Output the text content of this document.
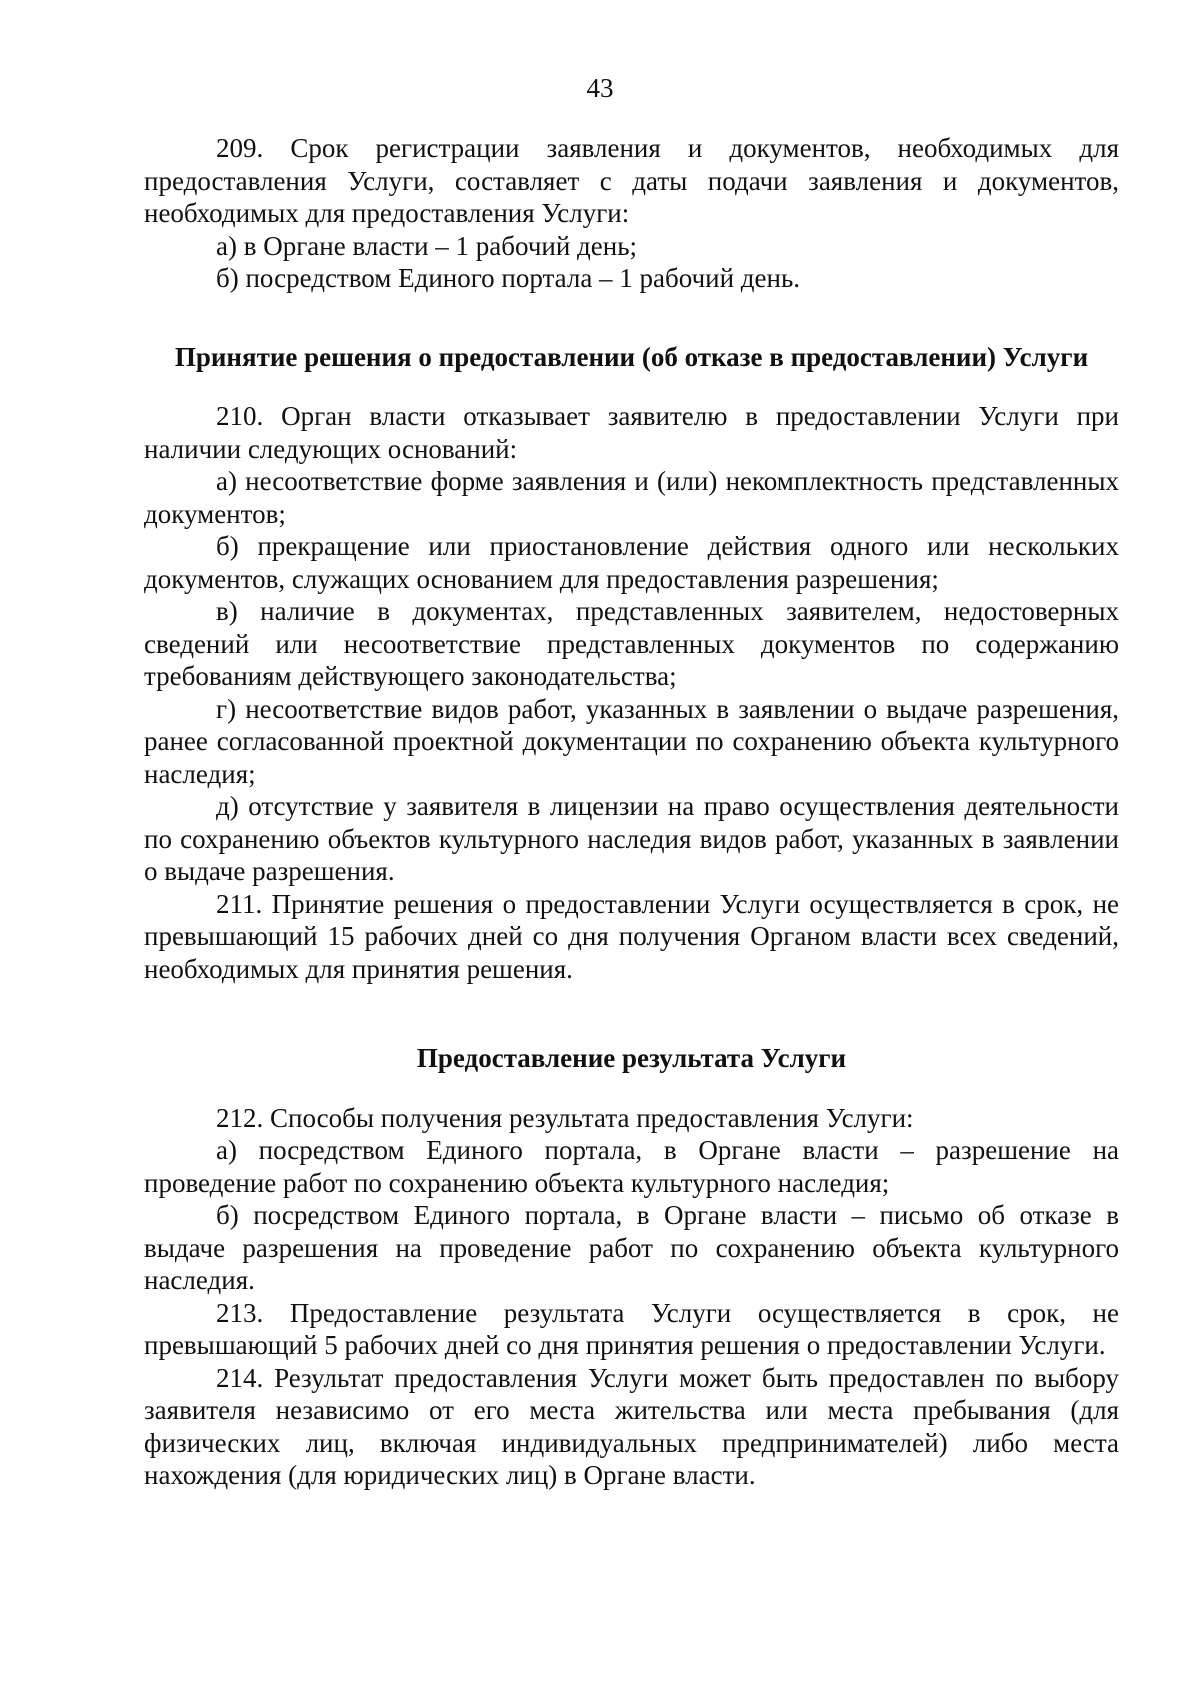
43

209. Срок регистрации заявления и документов, необходимых для предоставления Услуги, составляет с даты подачи заявления и документов, необходимых для предоставления Услуги:

а) в Органе власти – 1 рабочий день;

б) посредством Единого портала – 1 рабочий день.

Принятие решения о предоставлении (об отказе в предоставлении) Услуги

210. Орган власти отказывает заявителю в предоставлении Услуги при наличии следующих оснований:

а) несоответствие форме заявления и (или) некомплектность представленных документов;

б) прекращение или приостановление действия одного или нескольких документов, служащих основанием для предоставления разрешения;

в) наличие в документах, представленных заявителем, недостоверных сведений или несоответствие представленных документов по содержанию требованиям действующего законодательства;

г) несоответствие видов работ, указанных в заявлении о выдаче разрешения, ранее согласованной проектной документации по сохранению объекта культурного наследия;

д) отсутствие у заявителя в лицензии на право осуществления деятельности по сохранению объектов культурного наследия видов работ, указанных в заявлении о выдаче разрешения.

211. Принятие решения о предоставлении Услуги осуществляется в срок, не превышающий 15 рабочих дней со дня получения Органом власти всех сведений, необходимых для принятия решения.

Предоставление результата Услуги

212. Способы получения результата предоставления Услуги:

а) посредством Единого портала, в Органе власти – разрешение на проведение работ по сохранению объекта культурного наследия;

б) посредством Единого портала, в Органе власти – письмо об отказе в выдаче разрешения на проведение работ по сохранению объекта культурного наследия.

213. Предоставление результата Услуги осуществляется в срок, не превышающий 5 рабочих дней со дня принятия решения о предоставлении Услуги.

214. Результат предоставления Услуги может быть предоставлен по выбору заявителя независимо от его места жительства или места пребывания (для физических лиц, включая индивидуальных предпринимателей) либо места нахождения (для юридических лиц) в Органе власти.
